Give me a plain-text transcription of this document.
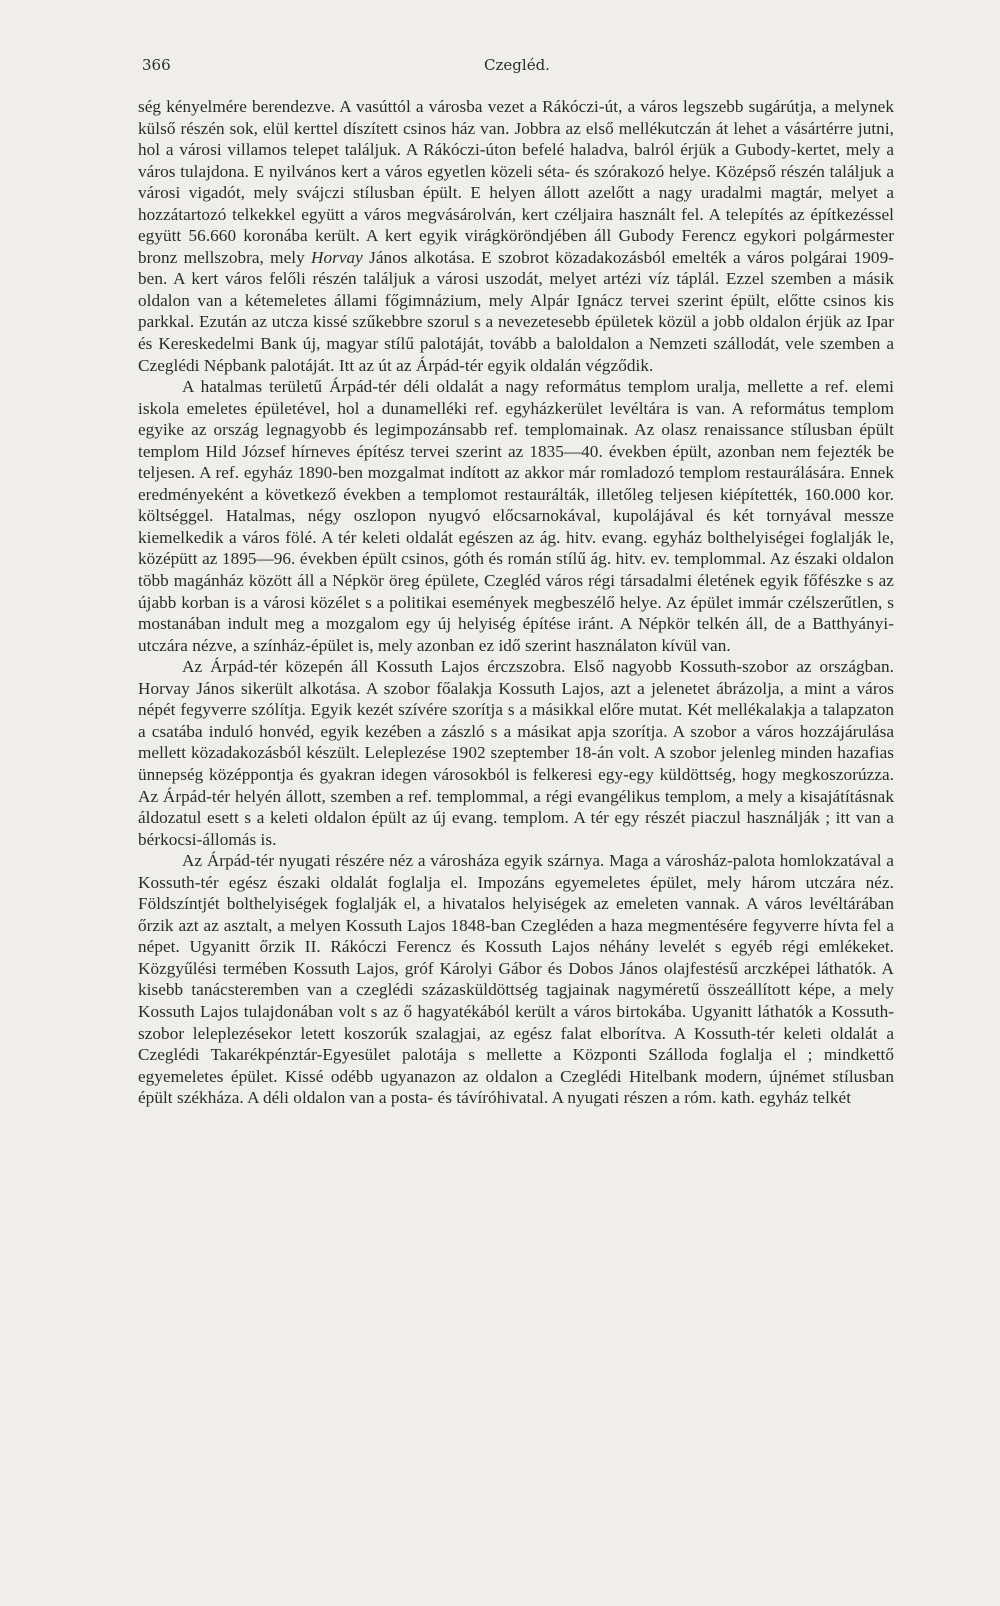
366	Czegléd.

ség kényelmére berendezve. A vasúttól a városba vezet a Rákóczi-út, a város legszebb sugárútja, a melynek külső részén sok, elül kerttel díszített csinos ház van. Jobbra az első mellékutczán át lehet a vásártérre jutni, hol a városi villamos telepet találjuk. A Rákóczi-úton befelé haladva, balról érjük a Gubody-kertet, mely a város tulajdona. E nyilvános kert a város egyetlen közeli séta- és szórakozó helye. Középső részén találjuk a városi vigadót, mely svájczi stílusban épült. E helyen állott azelőtt a nagy uradalmi magtár, melyet a hozzátartozó telkekkel együtt a város megvásárolván, kert czéljaira használt fel. A telepítés az építkezéssel együtt 56.660 koronába került. A kert egyik virágköröndjében áll Gubody Ferencz egykori polgármester bronz mellszobra, mely Horvay János alkotása. E szobrot közadakozásból emelték a város polgárai 1909-ben. A kert város felőli részén találjuk a városi uszodát, melyet artézi víz táplál. Ezzel szemben a másik oldalon van a kétemeletes állami főgimnázium, mely Alpár Ignácz tervei szerint épült, előtte csinos kis parkkal. Ezután az utcza kissé szűkebbre szorul s a nevezetesebb épületek közül a jobb oldalon érjük az Ipar és Kereskedelmi Bank új, magyar stílű palotáját, tovább a baloldalon a Nemzeti szállodát, vele szemben a Czeglédi Népbank palotáját. Itt az út az Árpád-tér egyik oldalán végződik.

A hatalmas területű Árpád-tér déli oldalát a nagy református templom uralja, mellette a ref. elemi iskola emeletes épületével, hol a dunamelléki ref. egyházkerület levéltára is van. A református templom egyike az ország legnagyobb és legimpozánsabb ref. templomainak. Az olasz renaissance stílusban épült templom Hild József hírneves építész tervei szerint az 1835—40. években épült, azonban nem fejezték be teljesen. A ref. egyház 1890-ben mozgalmat indított az akkor már romladozó templom restaurálására. Ennek eredményeként a következő években a templomot restaurálták, illetőleg teljesen kiépítették, 160.000 kor. költséggel. Hatalmas, négy oszlopon nyugvó előcsarnokával, kupolájával és két tornyával messze kiemelkedik a város fölé. A tér keleti oldalát egészen az ág. hitv. evang. egyház bolthelyiségei foglalják le, középütt az 1895—96. években épült csinos, góth és román stílű ág. hitv. ev. templommal. Az északi oldalon több magánház között áll a Népkör öreg épülete, Czegléd város régi társadalmi életének egyik főfészke s az újabb korban is a városi közélet s a politikai események megbeszélő helye. Az épület immár czélszerűtlen, s mostanában indult meg a mozgalom egy új helyiség építése iránt. A Népkör telkén áll, de a Batthyányi-utczára nézve, a színház-épület is, mely azonban ez idő szerint használaton kívül van.

Az Árpád-tér közepén áll Kossuth Lajos érczszobra. Első nagyobb Kossuth-szobor az országban. Horvay János sikerült alkotása. A szobor főalakja Kossuth Lajos, azt a jelenetet ábrázolja, a mint a város népét fegyverre szólítja. Egyik kezét szívére szorítja s a másikkal előre mutat. Két mellékalakja a talapzaton a csatába induló honvéd, egyik kezében a zászló s a másikat apja szorítja. A szobor a város hozzájárulása mellett közadakozásból készült. Leleplezése 1902 szeptember 18-án volt. A szobor jelenleg minden hazafias ünnepség középpontja és gyakran idegen városokból is felkeresi egy-egy küldöttség, hogy megkoszorúzza. Az Árpád-tér helyén állott, szemben a ref. templommal, a régi evangélikus templom, a mely a kisajátításnak áldozatul esett s a keleti oldalon épült az új evang. templom. A tér egy részét piaczul használják ; itt van a bérkocsi-állomás is.

Az Árpád-tér nyugati részére néz a városháza egyik szárnya. Maga a városház-palota homlokzatával a Kossuth-tér egész északi oldalát foglalja el. Impozáns egyemeletes épület, mely három utczára néz. Földszíntjét bolthelyiségek foglalják el, a hivatalos helyiségek az emeleten vannak. A város levéltárában őrzik azt az asztalt, a melyen Kossuth Lajos 1848-ban Czegléden a haza megmentésére fegyverre hívta fel a népet. Ugyanitt őrzik II. Rákóczi Ferencz és Kossuth Lajos néhány levelét s egyéb régi emlékeket. Közgyűlési termében Kossuth Lajos, gróf Károlyi Gábor és Dobos János olajfestésű arczképei láthatók. A kisebb tanácsteremben van a czeglédi százasküldöttség tagjainak nagyméretű összeállított képe, a mely Kossuth Lajos tulajdonában volt s az ő hagyatékából került a város birtokába. Ugyanitt láthatók a Kossuth-szobor leleplezésekor letett koszorúk szalagjai, az egész falat elborítva. A Kossuth-tér keleti oldalát a Czeglédi Takarékpénztár-Egyesület palotája s mellette a Központi Szálloda foglalja el ; mindkettő egyemeletes épület. Kissé odébb ugyanazon az oldalon a Czeglédi Hitelbank modern, újnémet stílusban épült székháza. A déli oldalon van a posta- és távíróhivatal. A nyugati részen a róm. kath. egyház telkét
